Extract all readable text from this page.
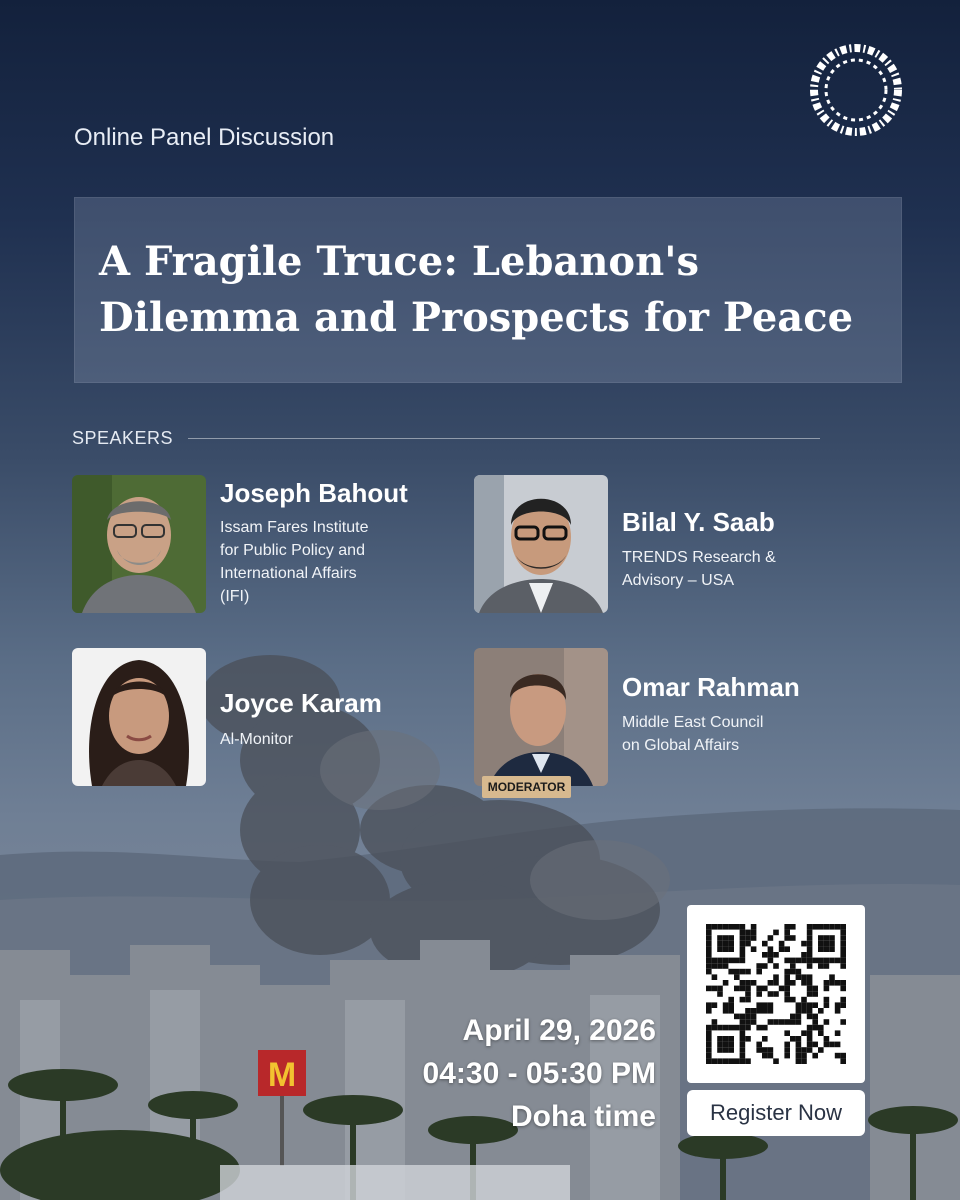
M
Online Panel Discussion
A Fragile Truce: Lebanon's
Dilemma and Prospects for Peace
SPEAKERS
Joseph Bahout
Issam Fares Institute
for Public Policy and
International Affairs
(IFI)
Bilal Y. Saab
TRENDS Research &
Advisory – USA
Joyce Karam
Al-Monitor
MODERATOR
Omar Rahman
Middle East Council
on Global Affairs
April 29, 2026
04:30 - 05:30 PM
Doha time	Register Now
